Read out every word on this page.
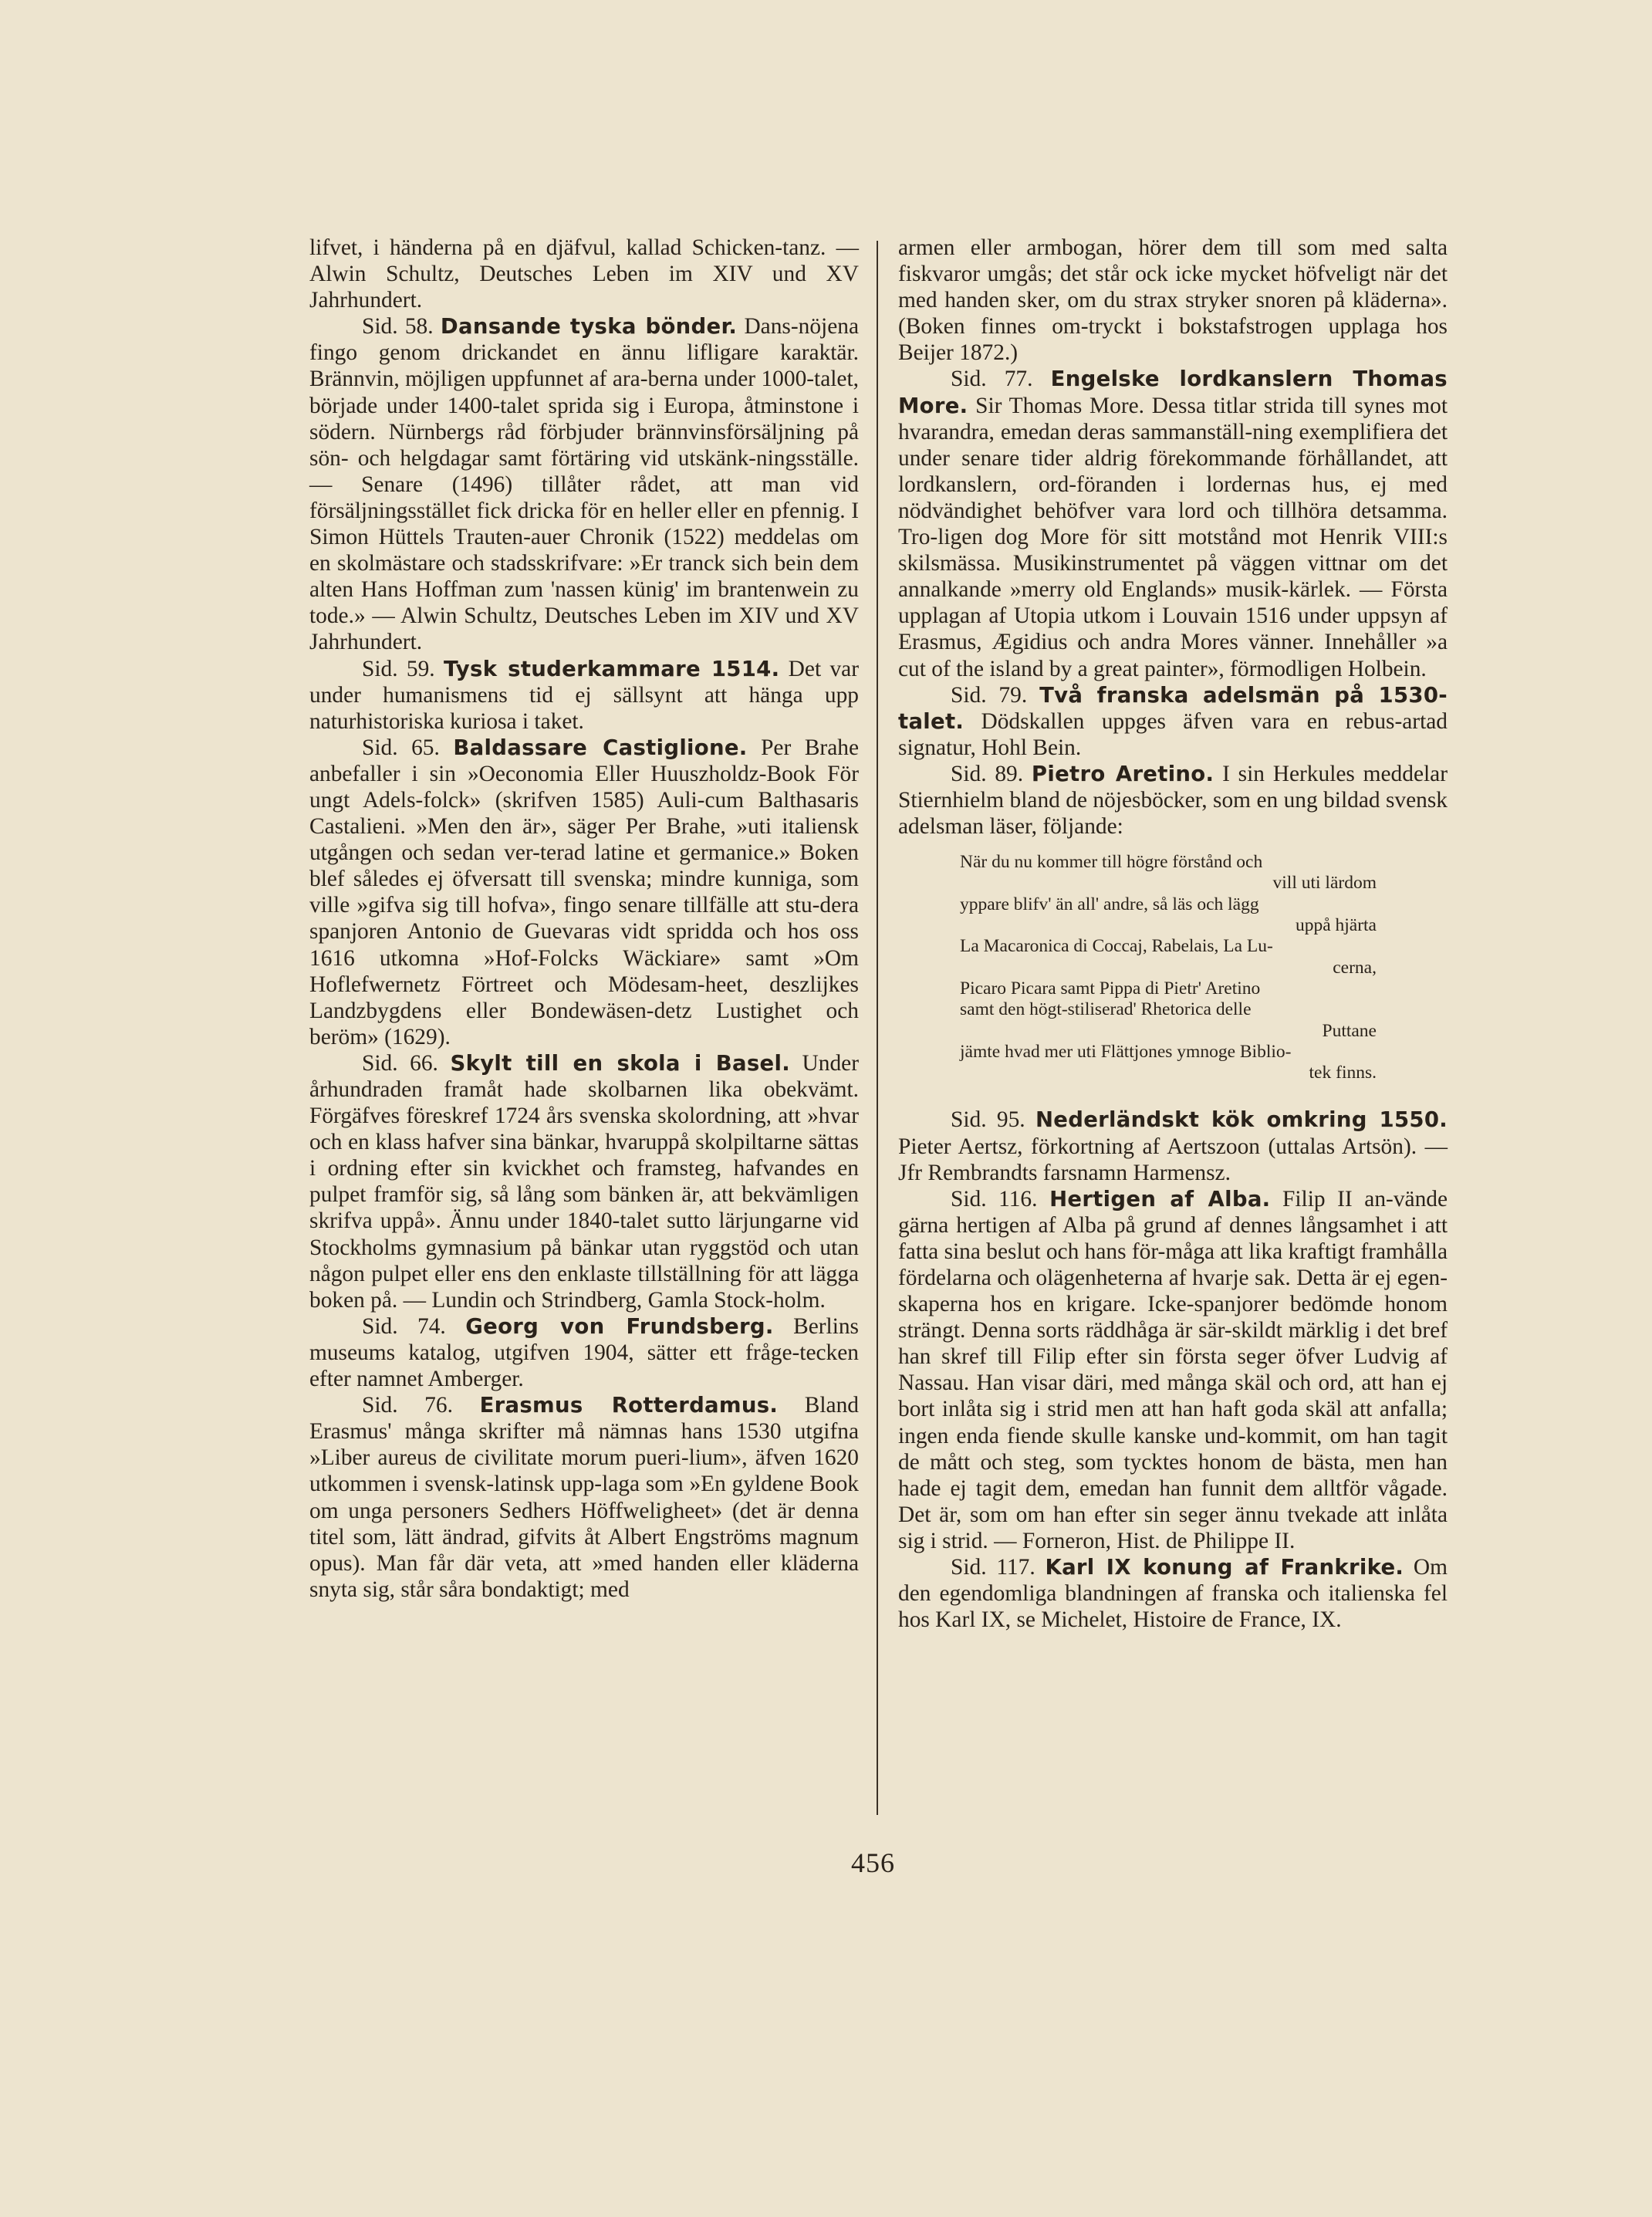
lifvet, i händerna på en djäfvul, kallad Schicken-tanz. — Alwin Schultz, Deutsches Leben im XIV und XV Jahrhundert.

Sid. 58. Dansande tyska bönder. Dans-nöjena fingo genom drickandet en ännu lifligare karaktär. Brännvin, möjligen uppfunnet af ara-berna under 1000-talet, började under 1400-talet sprida sig i Europa, åtminstone i södern. Nürnbergs råd förbjuder brännvinsförsäljning på sön- och helgdagar samt förtäring vid utskänk-ningsställe. — Senare (1496) tillåter rådet, att man vid försäljningsstället fick dricka för en heller eller en pfennig. I Simon Hüttels Trauten-auer Chronik (1522) meddelas om en skolmästare och stadsskrifvare: »Er tranck sich bein dem alten Hans Hoffman zum 'nassen künig' im brantenwein zu tode.» — Alwin Schultz, Deutsches Leben im XIV und XV Jahrhundert.

Sid. 59. Tysk studerkammare 1514. Det var under humanismens tid ej sällsynt att hänga upp naturhistoriska kuriosa i taket.

Sid. 65. Baldassare Castiglione. Per Brahe anbefaller i sin »Oeconomia Eller Huuszholdz-Book För ungt Adels-folck» (skrifven 1585) Auli-cum Balthasaris Castalieni. »Men den är», säger Per Brahe, »uti italiensk utgången och sedan ver-terad latine et germanice.» Boken blef således ej öfversatt till svenska; mindre kunniga, som ville »gifva sig till hofva», fingo senare tillfälle att stu-dera spanjoren Antonio de Guevaras vidt spridda och hos oss 1616 utkomna »Hof-Folcks Wäckiare» samt »Om Hoflefwernetz Förtreet och Mödesam-heet, deszlijkes Landzbygdens eller Bondewäsen-detz Lustighet och beröm» (1629).

Sid. 66. Skylt till en skola i Basel. Under århundraden framåt hade skolbarnen lika obekvämt. Förgäfves föreskref 1724 års svenska skolordning, att »hvar och en klass hafver sina bänkar, hvaruppå skolpiltarne sättas i ordning efter sin kvickhet och framsteg, hafvandes en pulpet framför sig, så lång som bänken är, att bekvämligen skrifva uppå». Ännu under 1840-talet sutto lärjungarne vid Stockholms gymnasium på bänkar utan ryggstöd och utan någon pulpet eller ens den enklaste tillställning för att lägga boken på. — Lundin och Strindberg, Gamla Stock-holm.

Sid. 74. Georg von Frundsberg. Berlins museums katalog, utgifven 1904, sätter ett fråge-tecken efter namnet Amberger.

Sid. 76. Erasmus Rotterdamus. Bland Erasmus' många skrifter må nämnas hans 1530 utgifna »Liber aureus de civilitate morum pueri-lium», äfven 1620 utkommen i svensk-latinsk upp-laga som »En gyldene Book om unga personers Sedhers Höffweligheet» (det är denna titel som, lätt ändrad, gifvits åt Albert Engströms magnum opus). Man får där veta, att »med handen eller kläderna snyta sig, står såra bondaktigt; med

armen eller armbogan, hörer dem till som med salta fiskvaror umgås; det står ock icke mycket höfveligt när det med handen sker, om du strax stryker snoren på kläderna». (Boken finnes om-tryckt i bokstafstrogen upplaga hos Beijer 1872.)

Sid. 77. Engelske lordkanslern Thomas More. Sir Thomas More. Dessa titlar strida till synes mot hvarandra, emedan deras sammanställ-ning exemplifiera det under senare tider aldrig förekommande förhållandet, att lordkanslern, ord-föranden i lordernas hus, ej med nödvändighet behöfver vara lord och tillhöra detsamma. Tro-ligen dog More för sitt motstånd mot Henrik VIII:s skilsmässa. Musikinstrumentet på väggen vittnar om det annalkande »merry old Englands» musik-kärlek. — Första upplagan af Utopia utkom i Louvain 1516 under uppsyn af Erasmus, Ægidius och andra Mores vänner. Innehåller »a cut of the island by a great painter», förmodligen Holbein.

Sid. 79. Två franska adelsmän på 1530-talet. Dödskallen uppges äfven vara en rebus-artad signatur, Hohl Bein.

Sid. 89. Pietro Aretino. I sin Herkules meddelar Stiernhielm bland de nöjesböcker, som en ung bildad svensk adelsman läser, följande:

När du nu kommer till högre förstånd och
vill uti lärdom
yppare blifv' än all' andre, så läs och lägg
uppå hjärta
La Macaronica di Coccaj, Rabelais, La Lu-
cerna,
Picaro Picara samt Pippa di Pietr' Aretino
samt den högt-stiliserad' Rhetorica delle
Puttane
jämte hvad mer uti Flättjones ymnoge Biblio-
tek finns.

Sid. 95. Nederländskt kök omkring 1550. Pieter Aertsz, förkortning af Aertszoon (uttalas Artsön). — Jfr Rembrandts farsnamn Harmensz.

Sid. 116. Hertigen af Alba. Filip II an-vände gärna hertigen af Alba på grund af dennes långsamhet i att fatta sina beslut och hans för-måga att lika kraftigt framhålla fördelarna och olägenheterna af hvarje sak. Detta är ej egen-skaperna hos en krigare. Icke-spanjorer bedömde honom strängt. Denna sorts räddhåga är sär-skildt märklig i det bref han skref till Filip efter sin första seger öfver Ludvig af Nassau. Han visar däri, med många skäl och ord, att han ej bort inlåta sig i strid men att han haft goda skäl att anfalla; ingen enda fiende skulle kanske und-kommit, om han tagit de mått och steg, som tycktes honom de bästa, men han hade ej tagit dem, emedan han funnit dem alltför vågade. Det är, som om han efter sin seger ännu tvekade att inlåta sig i strid. — Forneron, Hist. de Philippe II.

Sid. 117. Karl IX konung af Frankrike. Om den egendomliga blandningen af franska och italienska fel hos Karl IX, se Michelet, Histoire de France, IX.

456
